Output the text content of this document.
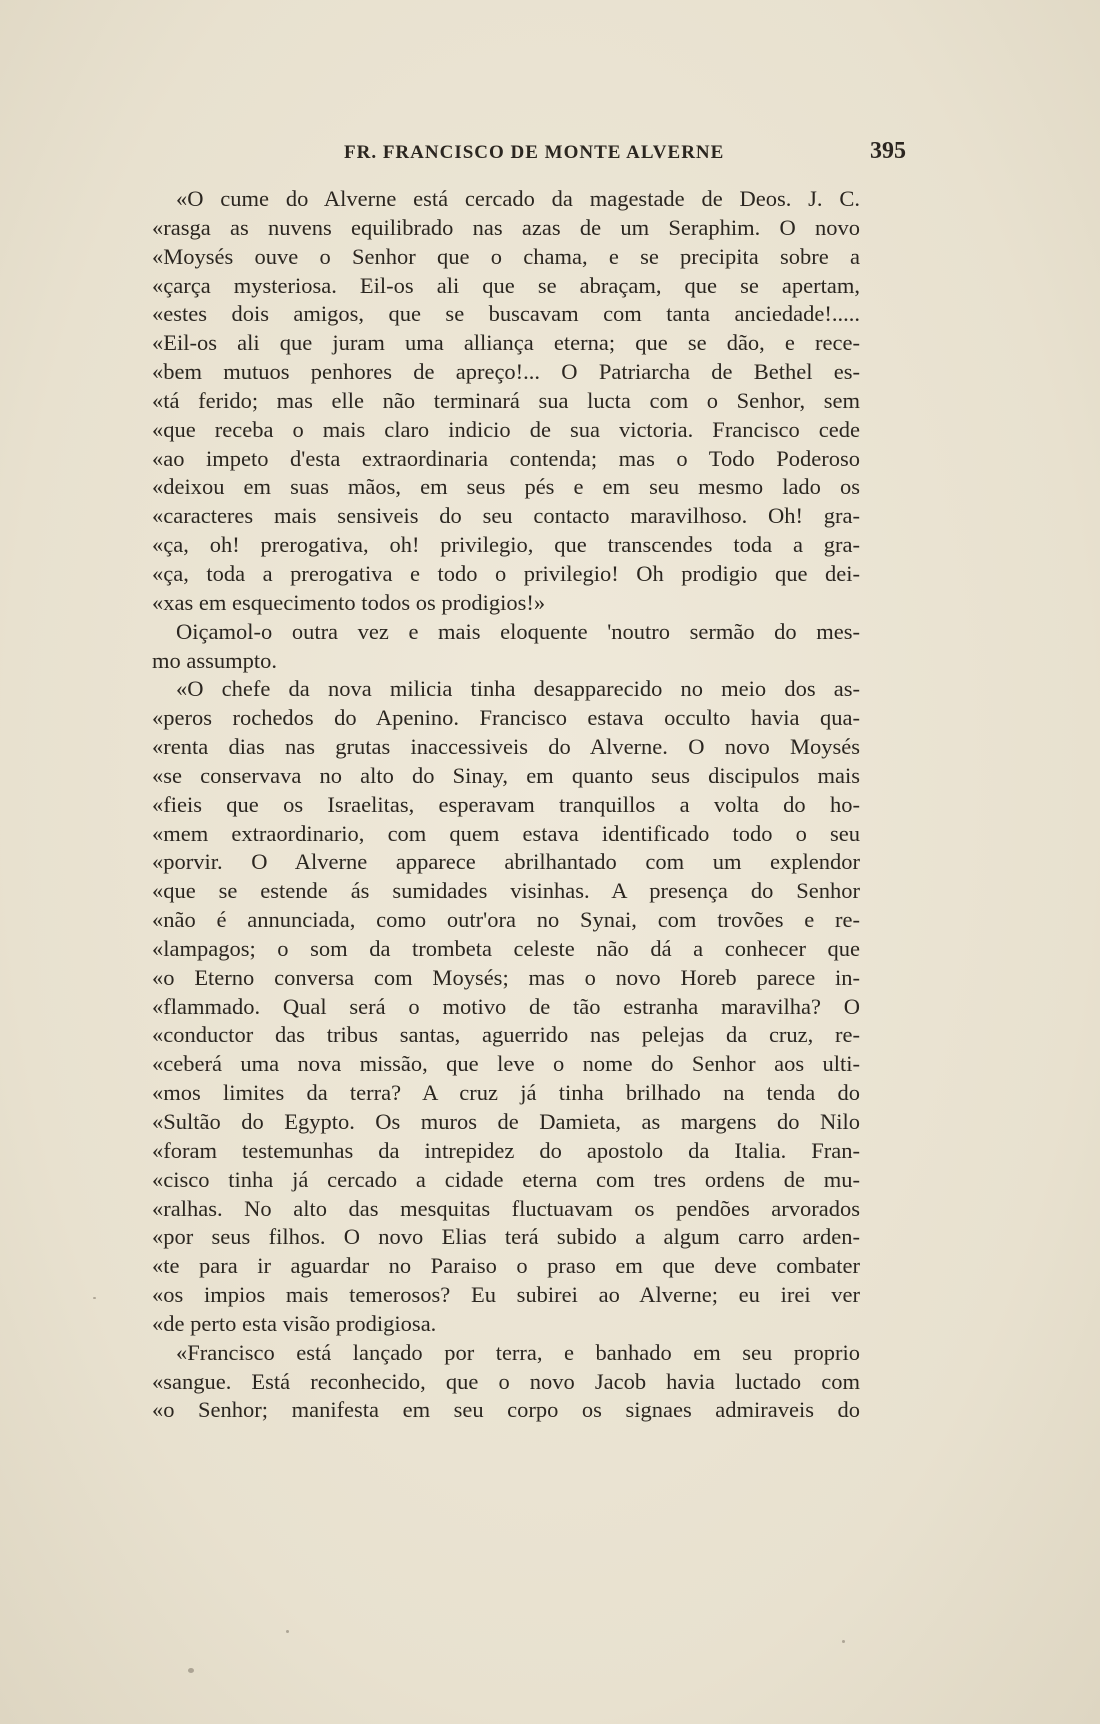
FR. FRANCISCO DE MONTE ALVERNE	395
«O cume do Alverne está cercado da magestade de Deos. J. C.
«rasga as nuvens equilibrado nas azas de um Seraphim. O novo
«Moysés ouve o Senhor que o chama, e se precipita sobre a
«çarça mysteriosa. Eil-os ali que se abraçam, que se apertam,
«estes dois amigos, que se buscavam com tanta anciedade!.....
«Eil-os ali que juram uma alliança eterna; que se dão, e rece-
«bem mutuos penhores de apreço!... O Patriarcha de Bethel es-
«tá ferido; mas elle não terminará sua lucta com o Senhor, sem
«que receba o mais claro indicio de sua victoria. Francisco cede
«ao impeto d'esta extraordinaria contenda; mas o Todo Poderoso
«deixou em suas mãos, em seus pés e em seu mesmo lado os
«caracteres mais sensiveis do seu contacto maravilhoso. Oh! gra-
«ça, oh! prerogativa, oh! privilegio, que transcendes toda a gra-
«ça, toda a prerogativa e todo o privilegio! Oh prodigio que dei-
«xas em esquecimento todos os prodigios!»
Oiçamol-o outra vez e mais eloquente 'noutro sermão do mes-
mo assumpto.
«O chefe da nova milicia tinha desapparecido no meio dos as-
«peros rochedos do Apenino. Francisco estava occulto havia qua-
«renta dias nas grutas inaccessiveis do Alverne. O novo Moysés
«se conservava no alto do Sinay, em quanto seus discipulos mais
«fieis que os Israelitas, esperavam tranquillos a volta do ho-
«mem extraordinario, com quem estava identificado todo o seu
«porvir. O Alverne apparece abrilhantado com um explendor
«que se estende ás sumidades visinhas. A presença do Senhor
«não é annunciada, como outr'ora no Synai, com trovões e re-
«lampagos; o som da trombeta celeste não dá a conhecer que
«o Eterno conversa com Moysés; mas o novo Horeb parece in-
«flammado. Qual será o motivo de tão estranha maravilha? O
«conductor das tribus santas, aguerrido nas pelejas da cruz, re-
«ceberá uma nova missão, que leve o nome do Senhor aos ulti-
«mos limites da terra? A cruz já tinha brilhado na tenda do
«Sultão do Egypto. Os muros de Damieta, as margens do Nilo
«foram testemunhas da intrepidez do apostolo da Italia. Fran-
«cisco tinha já cercado a cidade eterna com tres ordens de mu-
«ralhas. No alto das mesquitas fluctuavam os pendões arvorados
«por seus filhos. O novo Elias terá subido a algum carro arden-
«te para ir aguardar no Paraiso o praso em que deve combater
«os impios mais temerosos? Eu subirei ao Alverne; eu irei ver
«de perto esta visão prodigiosa.
«Francisco está lançado por terra, e banhado em seu proprio
«sangue. Está reconhecido, que o novo Jacob havia luctado com
«o Senhor; manifesta em seu corpo os signaes admiraveis do
